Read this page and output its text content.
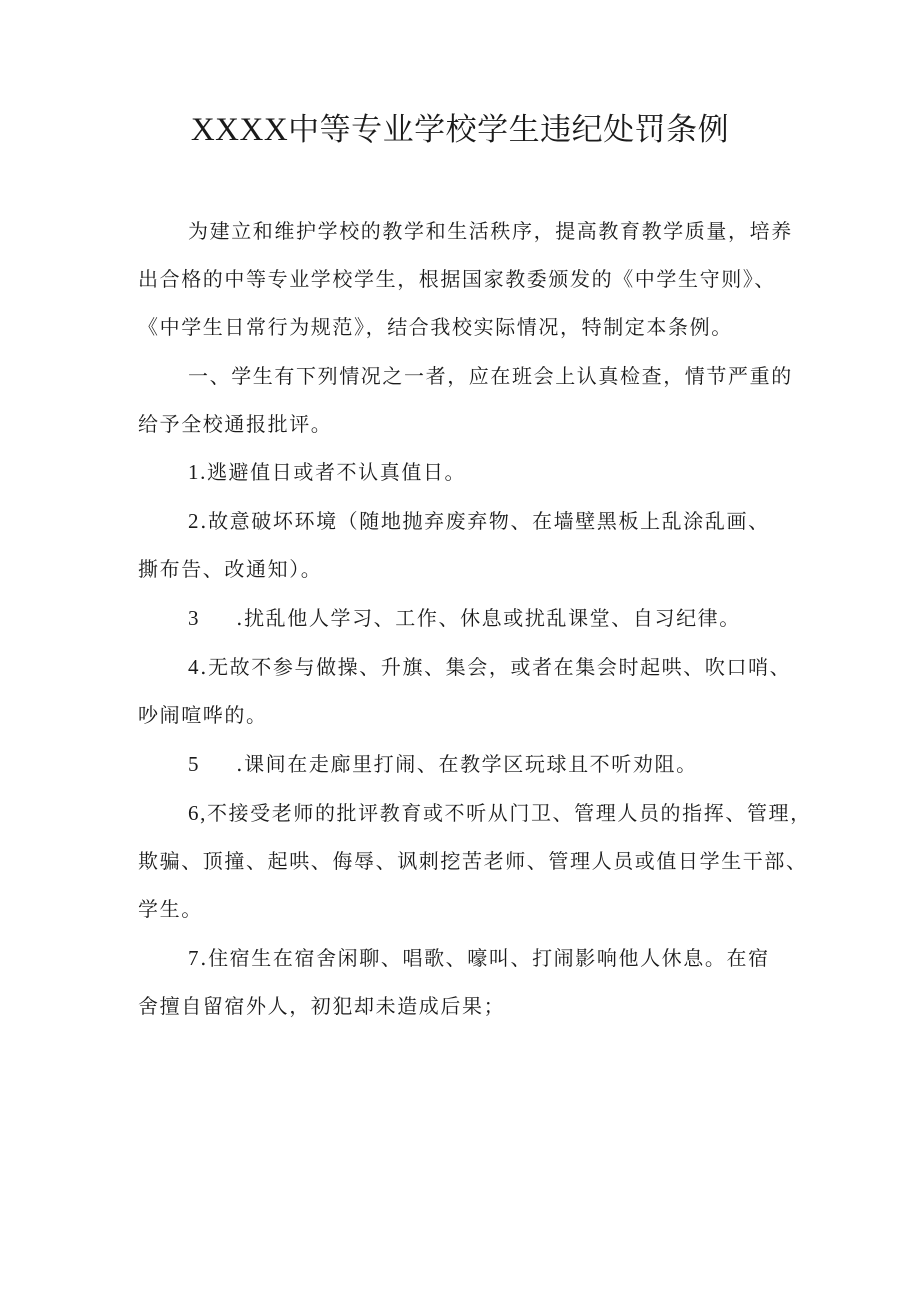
XXXX中等专业学校学生违纪处罚条例
为建立和维护学校的教学和生活秩序，提高教育教学质量，培养
出合格的中等专业学校学生，根据国家教委颁发的《中学生守则》、
《中学生日常行为规范》，结合我校实际情况，特制定本条例。
一、学生有下列情况之一者，应在班会上认真检查，情节严重的
给予全校通报批评。
1.逃避值日或者不认真值日。
2.故意破坏环境（随地抛弃废弃物、在墙壁黑板上乱涂乱画、
撕布告、改通知）。
3 .扰乱他人学习、工作、休息或扰乱课堂、自习纪律。
4.无故不参与做操、升旗、集会，或者在集会时起哄、吹口哨、
吵闹喧哗的。
5 .课间在走廊里打闹、在教学区玩球且不听劝阻。
6,不接受老师的批评教育或不听从门卫、管理人员的指挥、管理，
欺骗、顶撞、起哄、侮辱、讽刺挖苦老师、管理人员或值日学生干部、
学生。
7.住宿生在宿舍闲聊、唱歌、嚎叫、打闹影响他人休息。在宿
舍擅自留宿外人，初犯却未造成后果；
